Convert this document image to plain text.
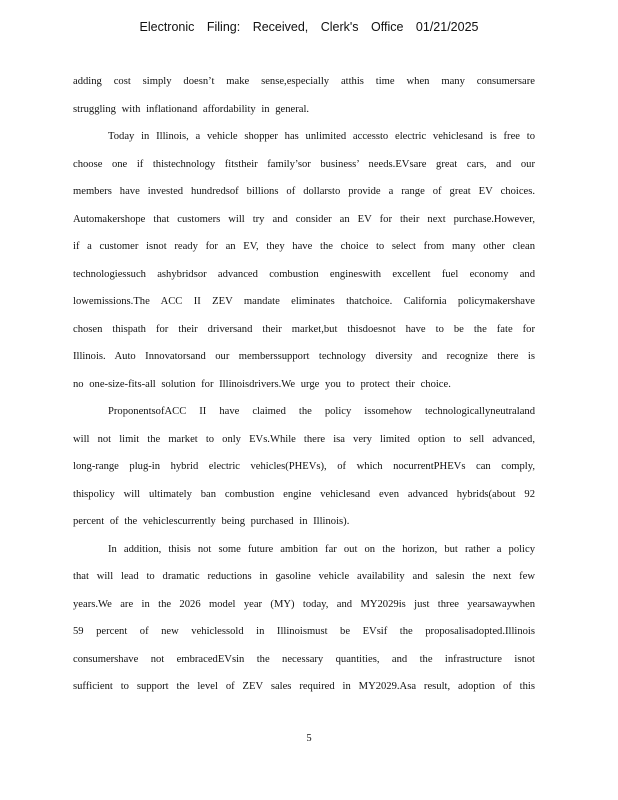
Electronic Filing: Received, Clerk's Office 01/21/2025
adding cost simply doesn’t make sense,especially atthis time when many consumersare
struggling with inflationand affordability in general.
Today in Illinois, a vehicle shopper has unlimited accessto electric vehiclesand is free to
choose one if thistechnology fitstheir family’sor business’ needs.EVsare great cars, and our
members have invested hundredsof billions of dollarsto provide a range of great EV choices.
Automakershope that customers will try and consider an EV for their next purchase.However,
if a customer isnot ready for an EV, they have the choice to select from many other clean
technologiessuch ashybridsor advanced combustion engineswith excellent fuel economy and
lowemissions.The ACC II ZEV mandate eliminates thatchoice. California policymakershave
chosen thispath for their driversand their market,but thisdoesnot have to be the fate for
Illinois. Auto Innovatorsand our memberssupport technology diversity and recognize there is
no one-size-fits-all solution for Illinoisdrivers.We urge you to protect their choice.
ProponentsofACC II have claimed the policy issomehow technologicallyneutraland
will not limit the market to only EVs.While there isa very limited option to sell advanced,
long-range plug-in hybrid electric vehicles(PHEVs), of which nocurrentPHEVs can comply,
thispolicy will ultimately ban combustion engine vehiclesand even advanced hybrids(about 92
percent of the vehiclescurrently being purchased in Illinois).
In addition, thisis not some future ambition far out on the horizon, but rather a policy
that will lead to dramatic reductions in gasoline vehicle availability and salesin the next few
years.We are in the 2026 model year (MY) today, and MY2029is just three yearsawaywhen
59 percent of new vehiclessold in Illinoismust be EVsif the proposalisadopted.Illinois
consumershave not embracedEVsin the necessary quantities, and the infrastructure isnot
sufficient to support the level of ZEV sales required in MY2029.Asa result, adoption of this
5
